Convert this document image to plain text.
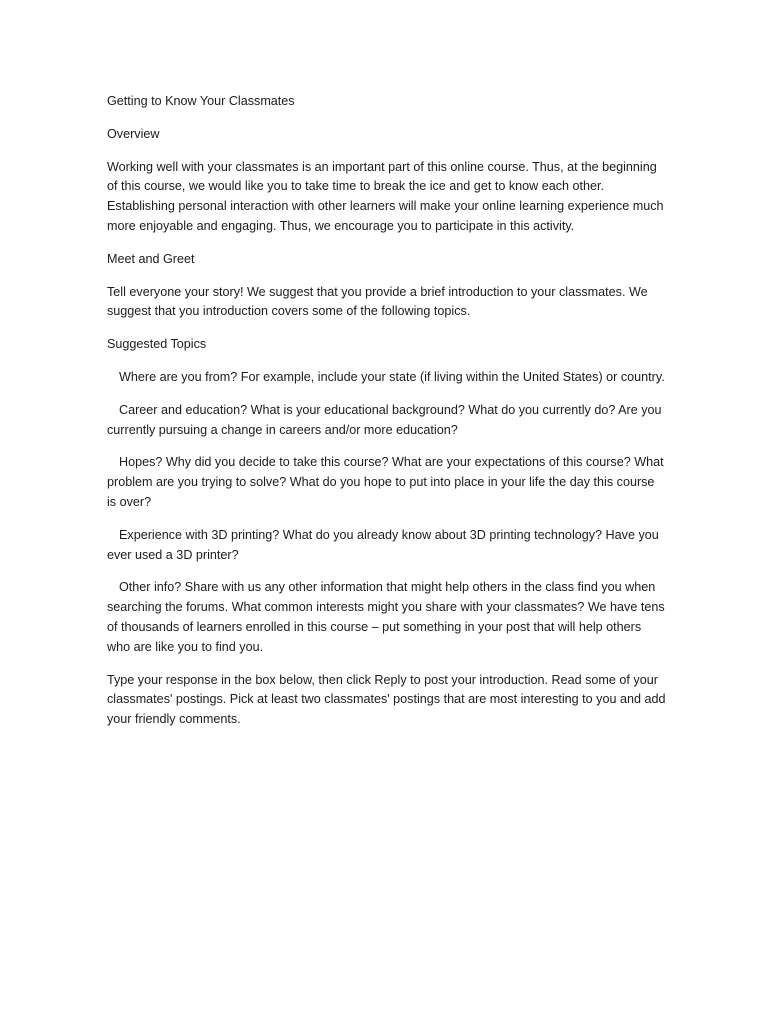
Getting to Know Your Classmates

Overview

Working well with your classmates is an important part of this online course. Thus, at the beginning of this course, we would like you to take time to break the ice and get to know each other. Establishing personal interaction with other learners will make your online learning experience much more enjoyable and engaging. Thus, we encourage you to participate in this activity.

Meet and Greet

Tell everyone your story! We suggest that you provide a brief introduction to your classmates. We suggest that you introduction covers some of the following topics.

Suggested Topics

Where are you from? For example, include your state (if living within the United States) or country.

Career and education? What is your educational background? What do you currently do? Are you currently pursuing a change in careers and/or more education?

Hopes? Why did you decide to take this course? What are your expectations of this course? What problem are you trying to solve? What do you hope to put into place in your life the day this course is over?

Experience with 3D printing? What do you already know about 3D printing technology? Have you ever used a 3D printer?

Other info? Share with us any other information that might help others in the class find you when searching the forums. What common interests might you share with your classmates? We have tens of thousands of learners enrolled in this course – put something in your post that will help others who are like you to find you.

Type your response in the box below, then click Reply to post your introduction. Read some of your classmates' postings. Pick at least two classmates' postings that are most interesting to you and add your friendly comments.
